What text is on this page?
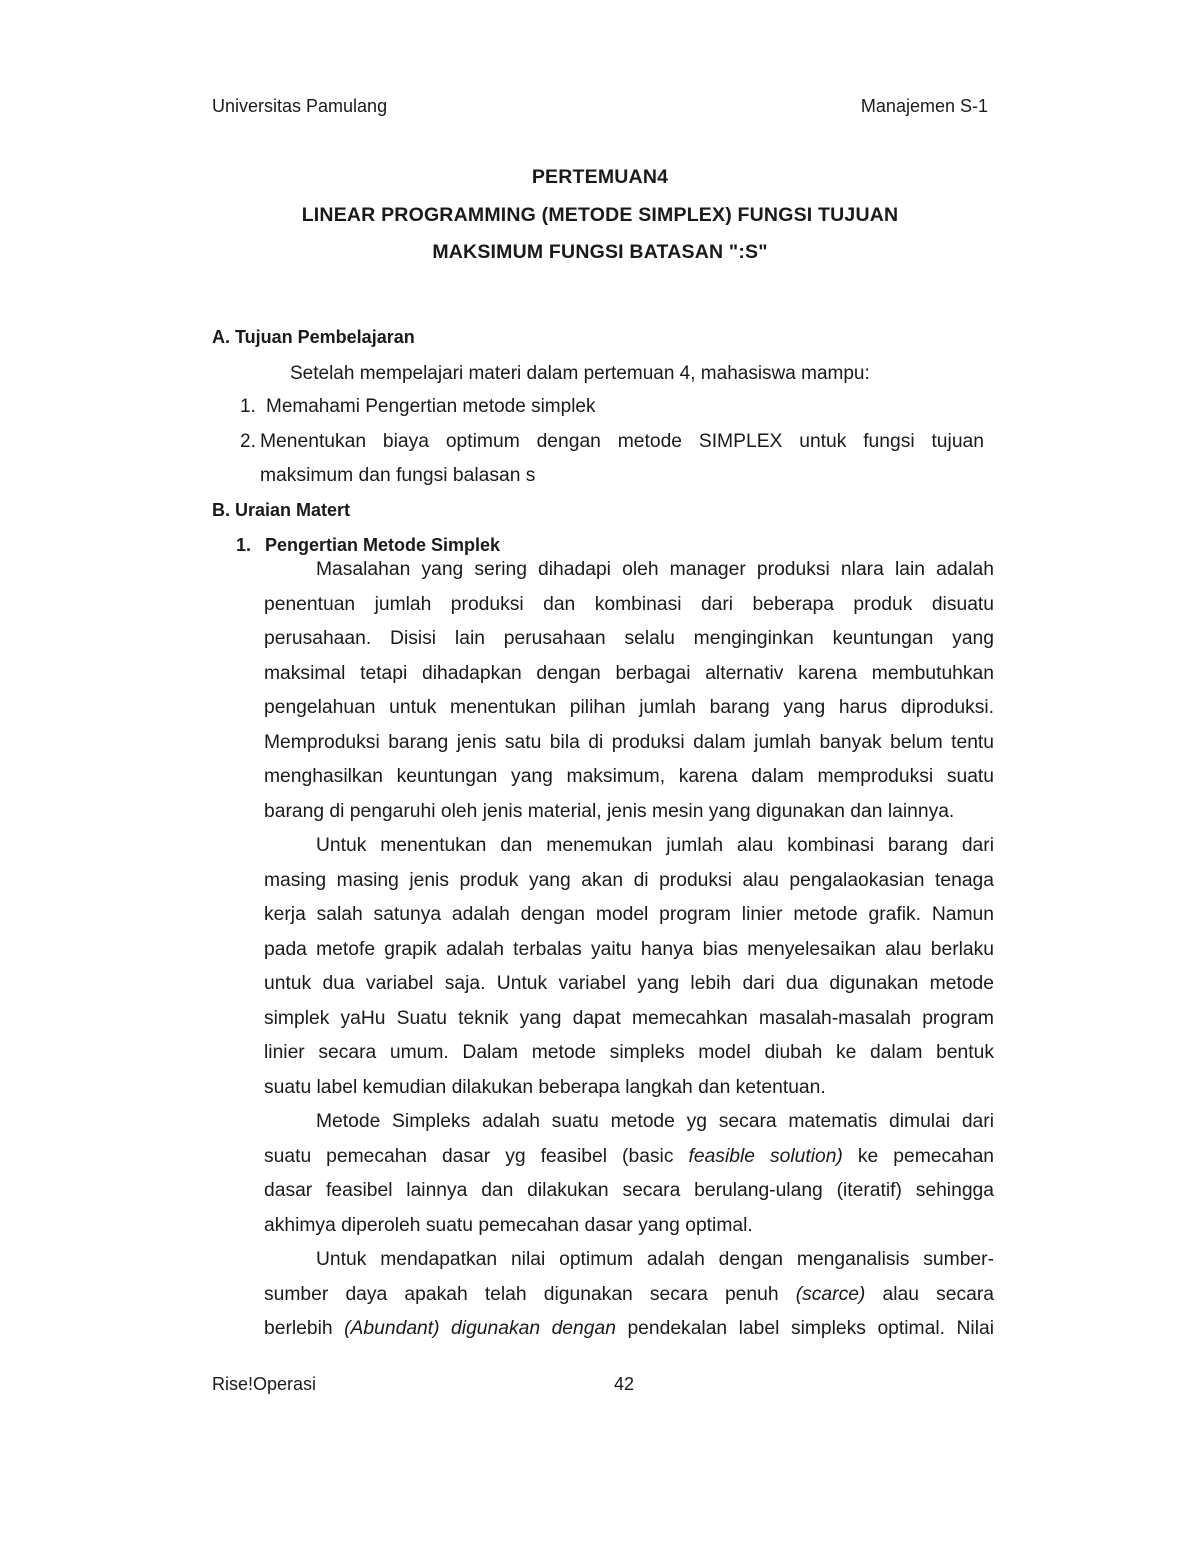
Universitas Pamulang	Manajemen S-1
PERTEMUAN4
LINEAR PROGRAMMING (METODE SIMPLEX) FUNGSI TUJUAN
MAKSIMUM FUNGSI BATASAN ":S"
A. Tujuan Pembelajaran
Setelah mempelajari materi dalam pertemuan 4, mahasiswa mampu:
1. Memahami Pengertian metode simplek
2. Menentukan biaya optimum dengan metode SIMPLEX untuk fungsi tujuan
maksimum dan fungsi balasan s
B. Uraian Matert
1. Pengertian Metode Simplek
Masalahan yang sering dihadapi oleh manager produksi nlara lain adalah
penentuan jumlah produksi dan kombinasi dari beberapa produk disuatu
perusahaan. Disisi lain perusahaan selalu menginginkan keuntungan yang
maksimal tetapi dihadapkan dengan berbagai alternativ karena membutuhkan
pengelahuan untuk menentukan pilihan jumlah barang yang harus diproduksi.
Memproduksi barang jenis satu bila di produksi dalam jumlah banyak belum tentu
menghasilkan keuntungan yang maksimum, karena dalam memproduksi suatu
barang di pengaruhi oleh jenis material, jenis mesin yang digunakan dan lainnya.
Untuk menentukan dan menemukan jumlah alau kombinasi barang dari
masing masing jenis produk yang akan di produksi alau pengalaokasian tenaga
kerja salah satunya adalah dengan model program linier metode grafik. Namun
pada metofe grapik adalah terbalas yaitu hanya bias menyelesaikan alau berlaku
untuk dua variabel saja. Untuk variabel yang lebih dari dua digunakan metode
simplek yaHu Suatu teknik yang dapat memecahkan masalah-masalah program
linier secara umum. Dalam metode simpleks model diubah ke dalam bentuk
suatu label kemudian dilakukan beberapa langkah dan ketentuan.
Metode Simpleks adalah suatu metode yg secara matematis dimulai dari
suatu pemecahan dasar yg feasibel (basic feasible solution) ke pemecahan
dasar feasibel lainnya dan dilakukan secara berulang-ulang (iteratif) sehingga
akhimya diperoleh suatu pemecahan dasar yang optimal.
Untuk mendapatkan nilai optimum adalah dengan menganalisis sumber-
sumber daya apakah telah digunakan secara penuh (scarce) alau secara
berlebih (Abundant) digunakan dengan pendekalan label simpleks optimal. Nilai
Rise!Operasi	42
